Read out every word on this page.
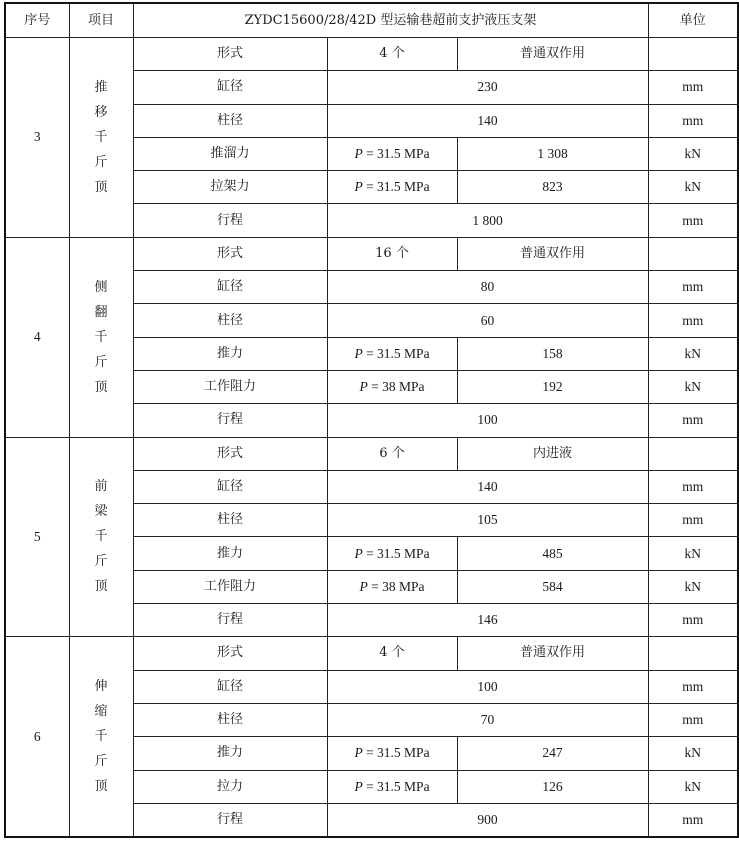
序号	项目	ZYDC15600/28/42D 型运输巷超前支护液压支架			单位
3	推移千斤顶	形式	4 个	普通双作用	
		缸径	230		mm
		柱径	140		mm
		推溜力	P = 31.5 MPa	1 308	kN
		拉架力	P = 31.5 MPa	823	kN
		行程	1 800		mm
4	侧翻千斤顶	形式	16 个	普通双作用	
		缸径	80		mm
		柱径	60		mm
		推力	P = 31.5 MPa	158	kN
		工作阻力	P = 38 MPa	192	kN
		行程	100		mm
5	前梁千斤顶	形式	6 个	内进液	
		缸径	140		mm
		柱径	105		mm
		推力	P = 31.5 MPa	485	kN
		工作阻力	P = 38 MPa	584	kN
		行程	146		mm
6	伸缩千斤顶	形式	4 个	普通双作用	
		缸径	100		mm
		柱径	70		mm
		推力	P = 31.5 MPa	247	kN
		拉力	P = 31.5 MPa	126	kN
		行程	900		mm
